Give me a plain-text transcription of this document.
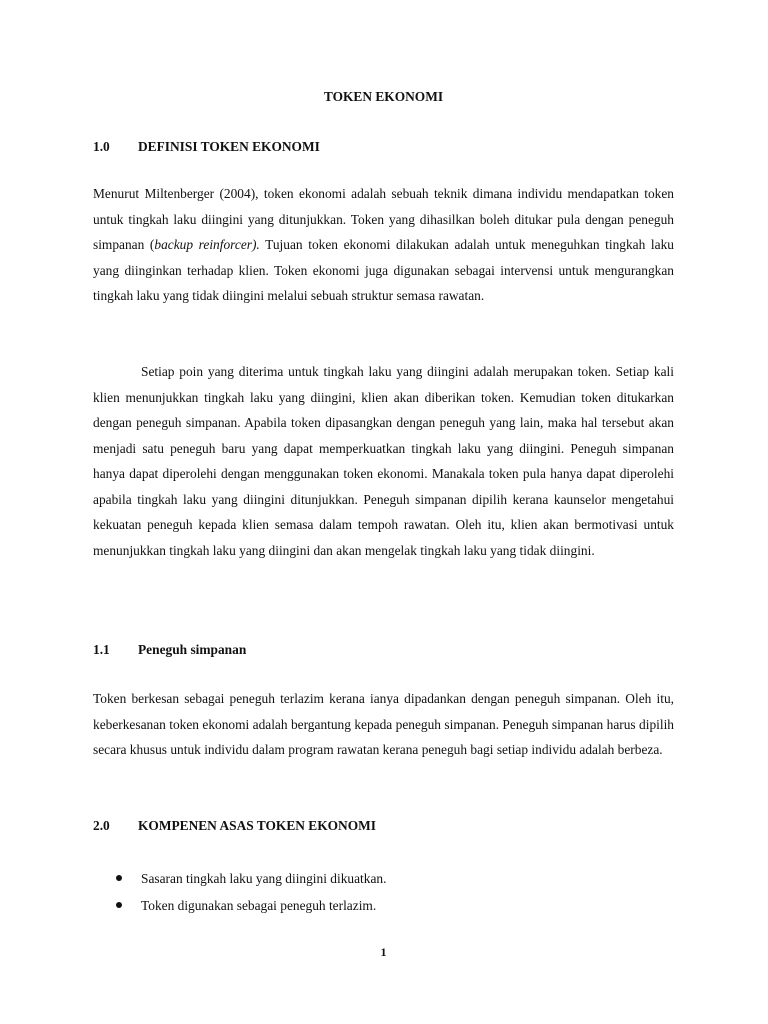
TOKEN EKONOMI
1.0 DEFINISI TOKEN EKONOMI

Menurut Miltenberger (2004), token ekonomi adalah sebuah teknik dimana individu mendapatkan token untuk tingkah laku diingini yang ditunjukkan. Token yang dihasilkan boleh ditukar pula dengan peneguh simpanan (backup reinforcer). Tujuan token ekonomi dilakukan adalah untuk meneguhkan tingkah laku yang diinginkan terhadap klien. Token ekonomi juga digunakan sebagai intervensi untuk mengurangkan tingkah laku yang tidak diingini melalui sebuah struktur semasa rawatan.

Setiap poin yang diterima untuk tingkah laku yang diingini adalah merupakan token. Setiap kali klien menunjukkan tingkah laku yang diingini, klien akan diberikan token. Kemudian token ditukarkan dengan peneguh simpanan. Apabila token dipasangkan dengan peneguh yang lain, maka hal tersebut akan menjadi satu peneguh baru yang dapat memperkuatkan tingkah laku yang diingini. Peneguh simpanan hanya dapat diperolehi dengan menggunakan token ekonomi. Manakala token pula hanya dapat diperolehi apabila tingkah laku yang diingini ditunjukkan. Peneguh simpanan dipilih kerana kaunselor mengetahui kekuatan peneguh kepada klien semasa dalam tempoh rawatan. Oleh itu, klien akan bermotivasi untuk menunjukkan tingkah laku yang diingini dan akan mengelak tingkah laku yang tidak diingini.

1.1 Peneguh simpanan

Token berkesan sebagai peneguh terlazim kerana ianya dipadankan dengan peneguh simpanan. Oleh itu, keberkesanan token ekonomi adalah bergantung kepada peneguh simpanan. Peneguh simpanan harus dipilih secara khusus untuk individu dalam program rawatan kerana peneguh bagi setiap individu adalah berbeza.

2.0 KOMPENEN ASAS TOKEN EKONOMI
Sasaran tingkah laku yang diingini dikuatkan.
Token digunakan sebagai peneguh terlazim.
1
